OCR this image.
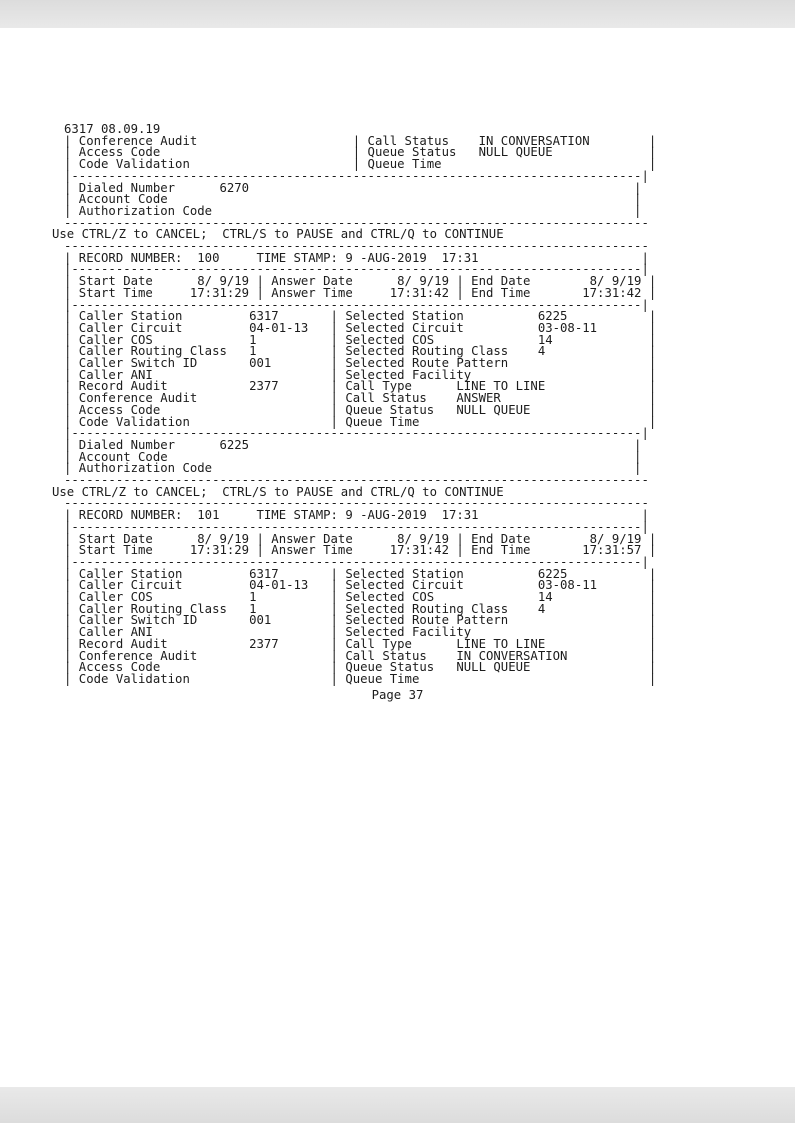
6317 08.09.19
| Conference Audit                     | Call Status    IN CONVERSATION        |
| Access Code                          | Queue Status   NULL QUEUE             |
| Code Validation                      | Queue Time                            |
|-----------------------------------------------------------------------------|
| Dialed Number      6270                                                    |
| Account Code                                                               |
| Authorization Code                                                         |
-------------------------------------------------------------------------------
Use CTRL/Z to CANCEL;  CTRL/S to PAUSE and CTRL/Q to CONTINUE
-------------------------------------------------------------------------------
| RECORD NUMBER:  100     TIME STAMP: 9 -AUG-2019  17:31                      |
|-----------------------------------------------------------------------------|
| Start Date      8/ 9/19 | Answer Date      8/ 9/19 | End Date        8/ 9/19 |
| Start Time     17:31:29 | Answer Time     17:31:42 | End Time       17:31:42 |
|-----------------------------------------------------------------------------|
| Caller Station         6317       | Selected Station          6225           |
| Caller Circuit         04-01-13   | Selected Circuit          03-08-11       |
| Caller COS             1          | Selected COS              14             |
| Caller Routing Class   1          | Selected Routing Class    4              |
| Caller Switch ID       001        | Selected Route Pattern                   |
| Caller ANI                        | Selected Facility                        |
| Record Audit           2377       | Call Type      LINE TO LINE              |
| Conference Audit                  | Call Status    ANSWER                    |
| Access Code                       | Queue Status   NULL QUEUE                |
| Code Validation                   | Queue Time                               |
|-----------------------------------------------------------------------------|
| Dialed Number      6225                                                    |
| Account Code                                                               |
| Authorization Code                                                         |
-------------------------------------------------------------------------------
Use CTRL/Z to CANCEL;  CTRL/S to PAUSE and CTRL/Q to CONTINUE
-------------------------------------------------------------------------------
| RECORD NUMBER:  101     TIME STAMP: 9 -AUG-2019  17:31                      |
|-----------------------------------------------------------------------------|
| Start Date      8/ 9/19 | Answer Date      8/ 9/19 | End Date        8/ 9/19 |
| Start Time     17:31:29 | Answer Time     17:31:42 | End Time       17:31:57 |
|-----------------------------------------------------------------------------|
| Caller Station         6317       | Selected Station          6225           |
| Caller Circuit         04-01-13   | Selected Circuit          03-08-11       |
| Caller COS             1          | Selected COS              14             |
| Caller Routing Class   1          | Selected Routing Class    4              |
| Caller Switch ID       001        | Selected Route Pattern                   |
| Caller ANI                        | Selected Facility                        |
| Record Audit           2377       | Call Type      LINE TO LINE              |
| Conference Audit                  | Call Status    IN CONVERSATION           |
| Access Code                       | Queue Status   NULL QUEUE                |
| Code Validation                   | Queue Time                               |
Page 37
